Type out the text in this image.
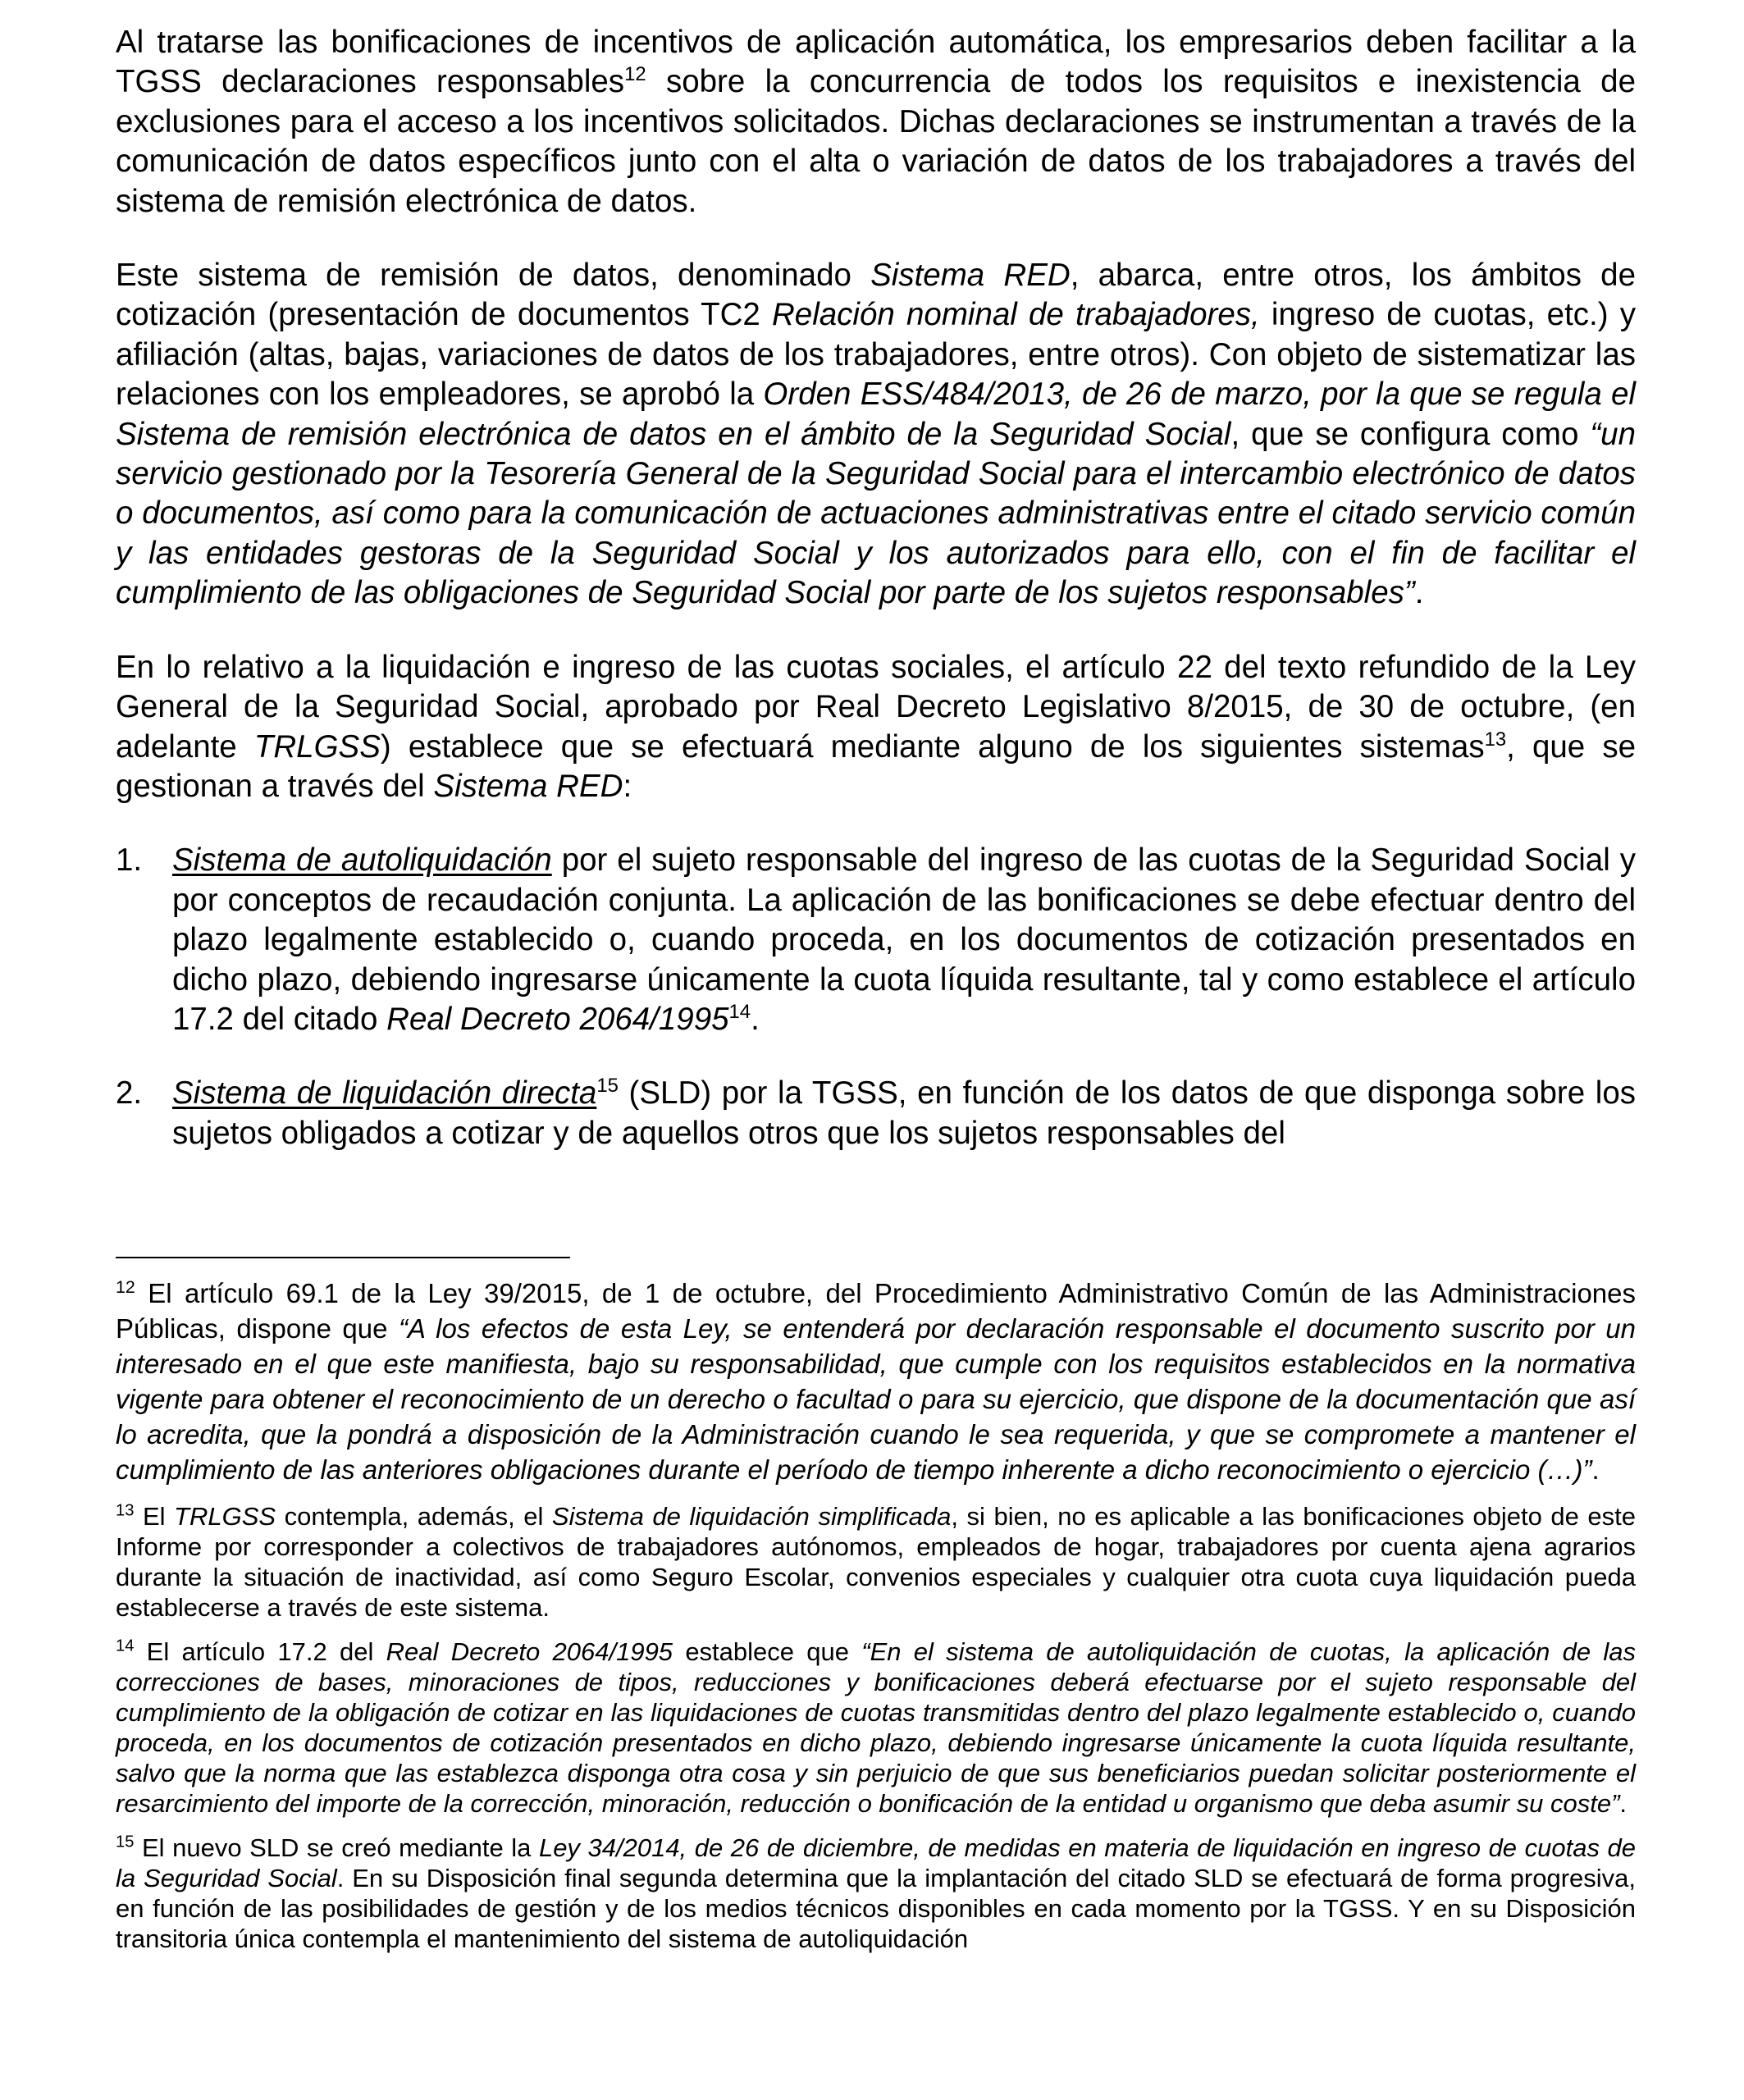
Al tratarse las bonificaciones de incentivos de aplicación automática, los empresarios deben facilitar a la TGSS declaraciones responsables$^{12}$ sobre la concurrencia de todos los requisitos e inexistencia de exclusiones para el acceso a los incentivos solicitados. Dichas declaraciones se instrumentan a través de la comunicación de datos específicos junto con el alta o variación de datos de los trabajadores a través del sistema de remisión electrónica de datos.

Este sistema de remisión de datos, denominado Sistema RED, abarca, entre otros, los ámbitos de cotización (presentación de documentos TC2 Relación nominal de trabajadores, ingreso de cuotas, etc.) y afiliación (altas, bajas, variaciones de datos de los trabajadores, entre otros). Con objeto de sistematizar las relaciones con los empleadores, se aprobó la Orden ESS/484/2013, de 26 de marzo, por la que se regula el Sistema de remisión electrónica de datos en el ámbito de la Seguridad Social, que se configura como “un servicio gestionado por la Tesorería General de la Seguridad Social para el intercambio electrónico de datos o documentos, así como para la comunicación de actuaciones administrativas entre el citado servicio común y las entidades gestoras de la Seguridad Social y los autorizados para ello, con el fin de facilitar el cumplimiento de las obligaciones de Seguridad Social por parte de los sujetos responsables”.

En lo relativo a la liquidación e ingreso de las cuotas sociales, el artículo 22 del texto refundido de la Ley General de la Seguridad Social, aprobado por Real Decreto Legislativo 8/2015, de 30 de octubre, (en adelante TRLGSS) establece que se efectuará mediante alguno de los siguientes sistemas$^{13}$, que se gestionan a través del Sistema RED:

1. Sistema de autoliquidación por el sujeto responsable del ingreso de las cuotas de la Seguridad Social y por conceptos de recaudación conjunta. La aplicación de las bonificaciones se debe efectuar dentro del plazo legalmente establecido o, cuando proceda, en los documentos de cotización presentados en dicho plazo, debiendo ingresarse únicamente la cuota líquida resultante, tal y como establece el artículo 17.2 del citado Real Decreto 2064/1995$^{14}$.

2. Sistema de liquidación directa$^{15}$ (SLD) por la TGSS, en función de los datos de que disponga sobre los sujetos obligados a cotizar y de aquellos otros que los sujetos responsables del

$^{12}$ El artículo 69.1 de la Ley 39/2015, de 1 de octubre, del Procedimiento Administrativo Común de las Administraciones Públicas, dispone que “A los efectos de esta Ley, se entenderá por declaración responsable el documento suscrito por un interesado en el que este manifiesta, bajo su responsabilidad, que cumple con los requisitos establecidos en la normativa vigente para obtener el reconocimiento de un derecho o facultad o para su ejercicio, que dispone de la documentación que así lo acredita, que la pondrá a disposición de la Administración cuando le sea requerida, y que se compromete a mantener el cumplimiento de las anteriores obligaciones durante el período de tiempo inherente a dicho reconocimiento o ejercicio (…)”.

$^{13}$ El TRLGSS contempla, además, el Sistema de liquidación simplificada, si bien, no es aplicable a las bonificaciones objeto de este Informe por corresponder a colectivos de trabajadores autónomos, empleados de hogar, trabajadores por cuenta ajena agrarios durante la situación de inactividad, así como Seguro Escolar, convenios especiales y cualquier otra cuota cuya liquidación pueda establecerse a través de este sistema.

$^{14}$ El artículo 17.2 del Real Decreto 2064/1995 establece que “En el sistema de autoliquidación de cuotas, la aplicación de las correcciones de bases, minoraciones de tipos, reducciones y bonificaciones deberá efectuarse por el sujeto responsable del cumplimiento de la obligación de cotizar en las liquidaciones de cuotas transmitidas dentro del plazo legalmente establecido o, cuando proceda, en los documentos de cotización presentados en dicho plazo, debiendo ingresarse únicamente la cuota líquida resultante, salvo que la norma que las establezca disponga otra cosa y sin perjuicio de que sus beneficiarios puedan solicitar posteriormente el resarcimiento del importe de la corrección, minoración, reducción o bonificación de la entidad u organismo que deba asumir su coste”.

$^{15}$ El nuevo SLD se creó mediante la Ley 34/2014, de 26 de diciembre, de medidas en materia de liquidación en ingreso de cuotas de la Seguridad Social. En su Disposición final segunda determina que la implantación del citado SLD se efectuará de forma progresiva, en función de las posibilidades de gestión y de los medios técnicos disponibles en cada momento por la TGSS. Y en su Disposición transitoria única contempla el mantenimiento del sistema de autoliquidación
